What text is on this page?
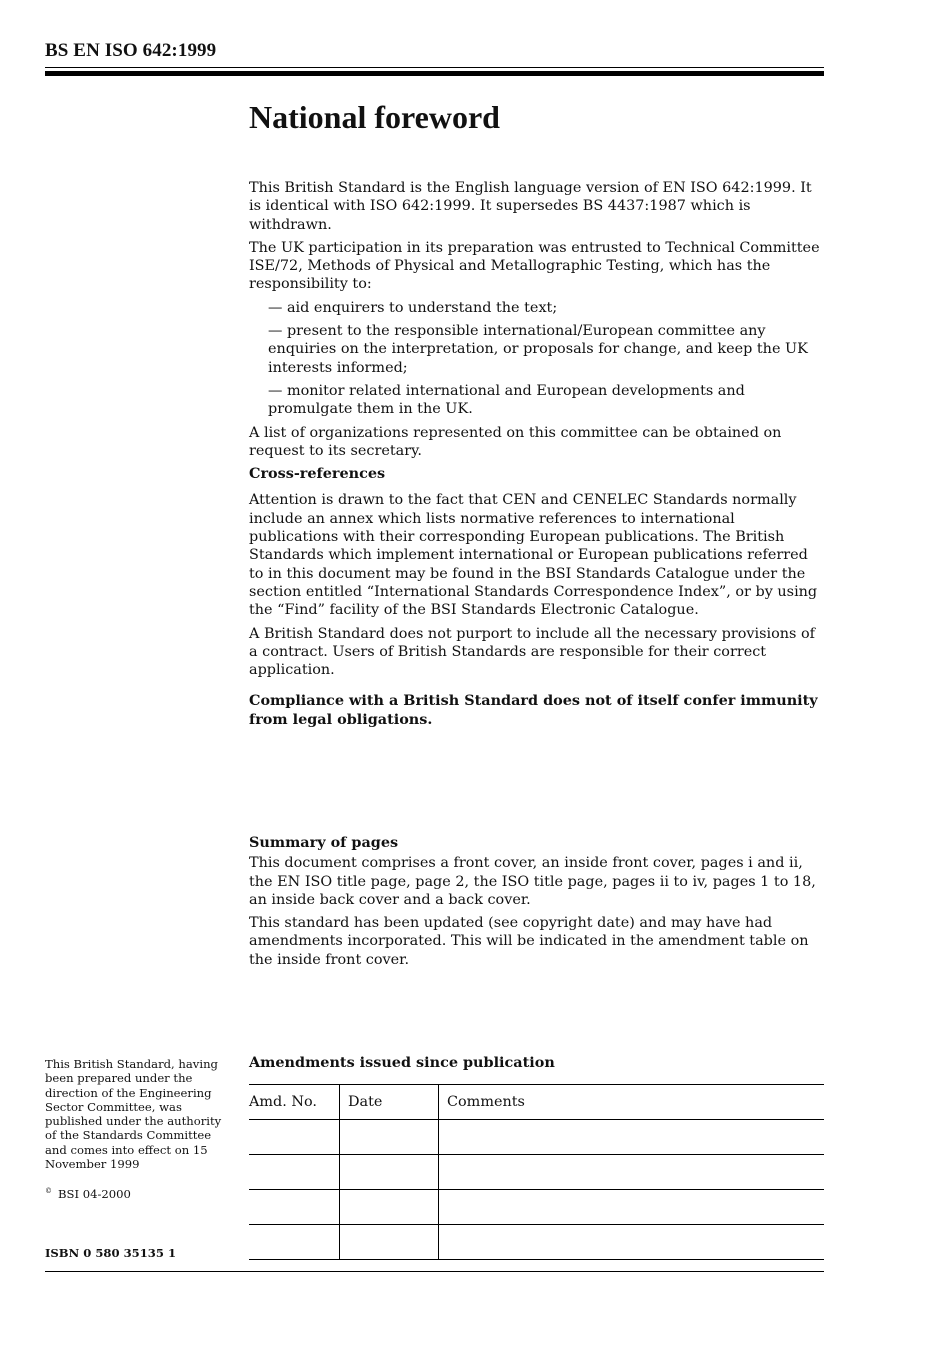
BS EN ISO 642:1999
National foreword

This British Standard is the English language version of EN ISO 642:1999. It is identical with ISO 642:1999. It supersedes BS 4437:1987 which is withdrawn.

The UK participation in its preparation was entrusted to Technical Committee ISE/72, Methods of Physical and Metallographic Testing, which has the responsibility to:

— aid enquirers to understand the text;

— present to the responsible international/European committee any enquiries on the interpretation, or proposals for change, and keep the UK interests informed;

— monitor related international and European developments and promulgate them in the UK.

A list of organizations represented on this committee can be obtained on request to its secretary.

Cross-references

Attention is drawn to the fact that CEN and CENELEC Standards normally include an annex which lists normative references to international publications with their corresponding European publications. The British Standards which implement international or European publications referred to in this document may be found in the BSI Standards Catalogue under the section entitled “International Standards Correspondence Index”, or by using the “Find” facility of the BSI Standards Electronic Catalogue.

A British Standard does not purport to include all the necessary provisions of a contract. Users of British Standards are responsible for their correct application.

Compliance with a British Standard does not of itself confer immunity from legal obligations.

Summary of pages

This document comprises a front cover, an inside front cover, pages i and ii, the EN ISO title page, page 2, the ISO title page, pages ii to iv, pages 1 to 18, an inside back cover and a back cover.

This standard has been updated (see copyright date) and may have had amendments incorporated. This will be indicated in the amendment table on the inside front cover.

This British Standard, having been prepared under the direction of the Engineering Sector Committee, was published under the authority of the Standards Committee and comes into effect on 15 November 1999
© BSI 04-2000
ISBN 0 580 35135 1
Amendments issued since publication
Amd. No.	Date	Comments
